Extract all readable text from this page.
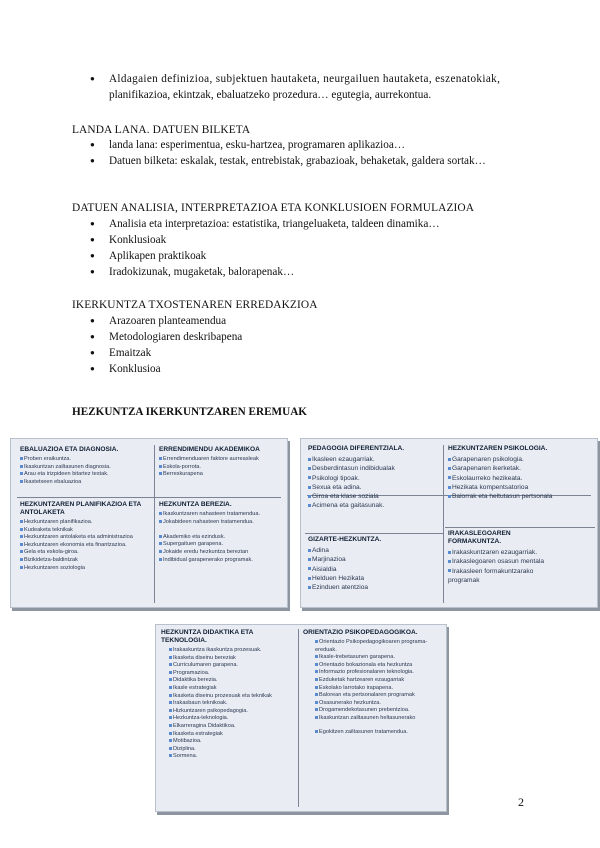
● Aldagaien definizioa, subjektuen hautaketa, neurgailuen hautaketa, eszenatokiak,
planifikazioa, ekintzak, ebaluatzeko prozedura… egutegia, aurrekontua.
LANDA LANA. DATUEN BILKETA
● landa lana: esperimentua, esku-hartzea, programaren aplikazioa…
● Datuen bilketa: eskalak, testak, entrebistak, grabazioak, behaketak, galdera sortak…
DATUEN ANALISIA, INTERPRETAZIOA ETA KONKLUSIOEN FORMULAZIOA
● Analisia eta interpretazioa: estatistika, triangeluaketa, taldeen dinamika…
● Konklusioak
● Aplikapen praktikoak
● Iradokizunak, mugaketak, balorapenak…
IKERKUNTZA TXOSTENAREN ERREDAKZIOA
● Arazoaren planteamendua
● Metodologiaren deskribapena
● Emaitzak
● Konklusioa
HEZKUNTZA IKERKUNTZAREN EREMUAK
EBALUAZIOA ETA DIAGNOSIA.
Proben eraikuntza.
Ikaskuntzan zailtasunen diagnosia.
Arau eta irizpideen bitartez testak.
Ikastetxeen ebaluazioa
ERRENDIMENDU AKADEMIKOA
Errendimenduaren faktore aurreasleak
Eskola-porrota.
Berreskurapena
HEZKUNTZAREN PLANIFIKAZIOA ETA ANTOLAKETA
Hezkuntzaren planifikazioa.
Kudeaketa teknikak
Hezkuntzaren antolaketa eta administrazioa
Hezkuntzaren ekonomia eta finantzazioa.
Gela eta eskola-giroa.
Bizikidetza-baldintzak
Hezkuntzaren soziologia
HEZKUNTZA BEREZIA.
Ikaskuntzaren nahasteen tratamendua.
Jokabideen nahasteen tratamendua.

Akademiko eta ezindusk.
Supergaituen garapena.
Jokaide eredu hezkuntza berezian
Indibidual garapenerako programak.
PEDAGOGIA DIFERENTZIALA.
Ikasleen ezaugarriak.
Desberdintasun indibidualak
Psikologi tipoak.
Sexua eta adina.
Giroa eta klase soziala
Acimena eta gaitasunak.
HEZKUNTZAREN PSIKOLOGIA.
Garapenaren psikologia.
Garapenaren ikerketak.
Eskolaurreko hezikeata.
Hezikata kompentsatorioa
Balorrak eta heltutasun pertsonala
GIZARTE-HEZKUNTZA.
Adina
Marjinazioa
Aisialdia
Helduen Hezikata
Ezinduen atentzioa
IRAKASLEGOAREN FORMAKUNTZA.
Irakaskuntzaren ezaugarriak.
Irakaslegoaren osasun mentala
Irakasleen formakuntzarako programak
HEZKUNTZA DIDAKTIKA ETA TEKNOLOGIA.
Irakaskuntza ikaskuntza prozesuak.
Ikasketa diseinu bereziak
Curriculumaren garapena.
Programazioa.
Didaktika berezia.
Ikasle estrategiak
Ikasketa diseinu prozesuak eta teknikak
Irakasbaun teknikoak.
Hizkuntzaren psikopedagogia.
Hezkuntza-teknologia.
Elkarreragina Didaktikoa.
Ikasketa estrategiak
Motibazioa.
Diziplina.
Sormena.
ORIENTAZIO PSIKOPEDAGOGIKOA.
Orientazio Psikopedagogikoaren programa-ereduak.
Ikasle-trebetasunen garapena.
Orientazio bokazionala eta hezkuntza
Informazio profesionalaren teknologia.
Ezduketak hartzearen ezaugarriak
Eskolako larrotako irapapena.
Balorean eta pertsonalaren programak
Osasunerako hezkuntza.
Drogamendekotasunen prebentzioa.
Ikaskuntzan zailtasunen heltasunerako
Egokitzen zailtasunen tratamendua.
2
